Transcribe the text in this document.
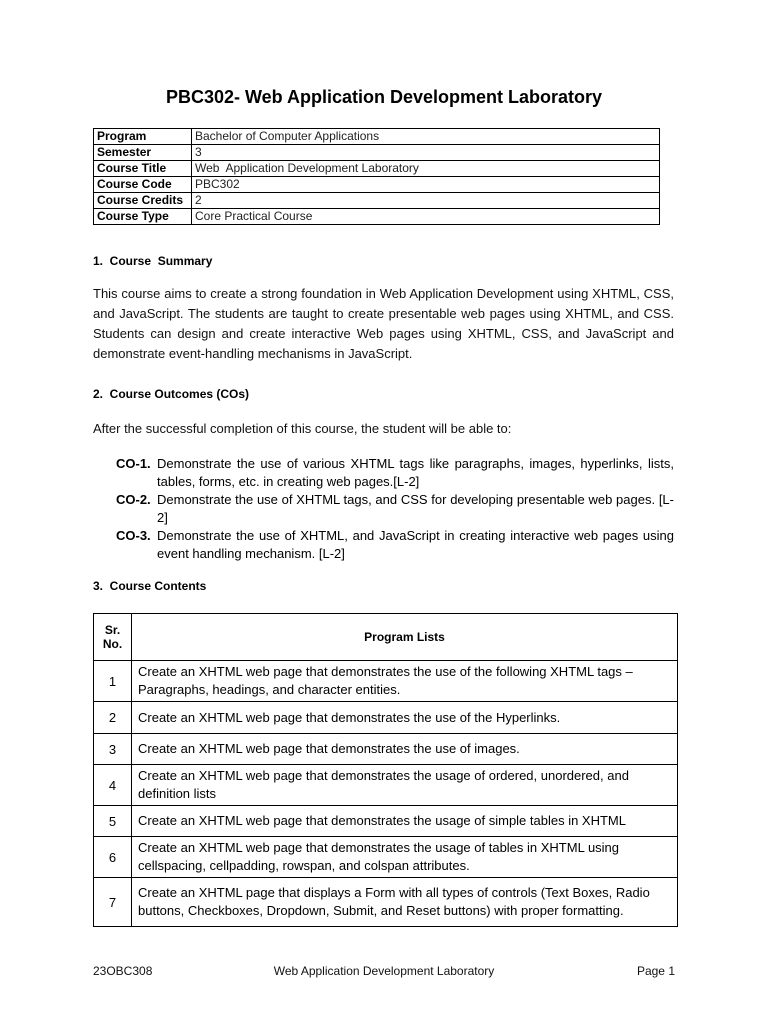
PBC302- Web Application Development Laboratory
Program	Bachelor of Computer Applications
Semester	3
Course Title	Web  Application Development Laboratory
Course Code	PBC302
Course Credits	2
Course Type	Core Practical Course
1.  Course  Summary
This course aims to create a strong foundation in Web Application Development using XHTML, CSS, and JavaScript. The students are taught to create presentable web pages using XHTML, and CSS. Students can design and create interactive Web pages using XHTML, CSS, and JavaScript and demonstrate event-handling mechanisms in JavaScript.
2.  Course Outcomes (COs)
After the successful completion of this course, the student will be able to:
CO-1. Demonstrate the use of various XHTML tags like paragraphs, images, hyperlinks, lists, tables, forms, etc. in creating web pages.[L-2]
CO-2. Demonstrate the use of XHTML tags, and CSS for developing presentable web pages. [L-2]
CO-3. Demonstrate the use of XHTML, and JavaScript in creating interactive web pages using event handling mechanism. [L-2]
3.  Course Contents
Sr. No.	Program Lists
1	Create an XHTML web page that demonstrates the use of the following XHTML tags – Paragraphs, headings, and character entities.
2	Create an XHTML web page that demonstrates the use of the Hyperlinks.
3	Create an XHTML web page that demonstrates the use of images.
4	Create an XHTML web page that demonstrates the usage of ordered, unordered, and definition lists
5	Create an XHTML web page that demonstrates the usage of simple tables in XHTML
6	Create an XHTML web page that demonstrates the usage of tables in XHTML using cellspacing, cellpadding, rowspan, and colspan attributes.
7	Create an XHTML page that displays a Form with all types of controls (Text Boxes, Radio buttons, Checkboxes, Dropdown, Submit, and Reset buttons) with proper formatting.
23OBC308	Web Application Development Laboratory	Page 1
